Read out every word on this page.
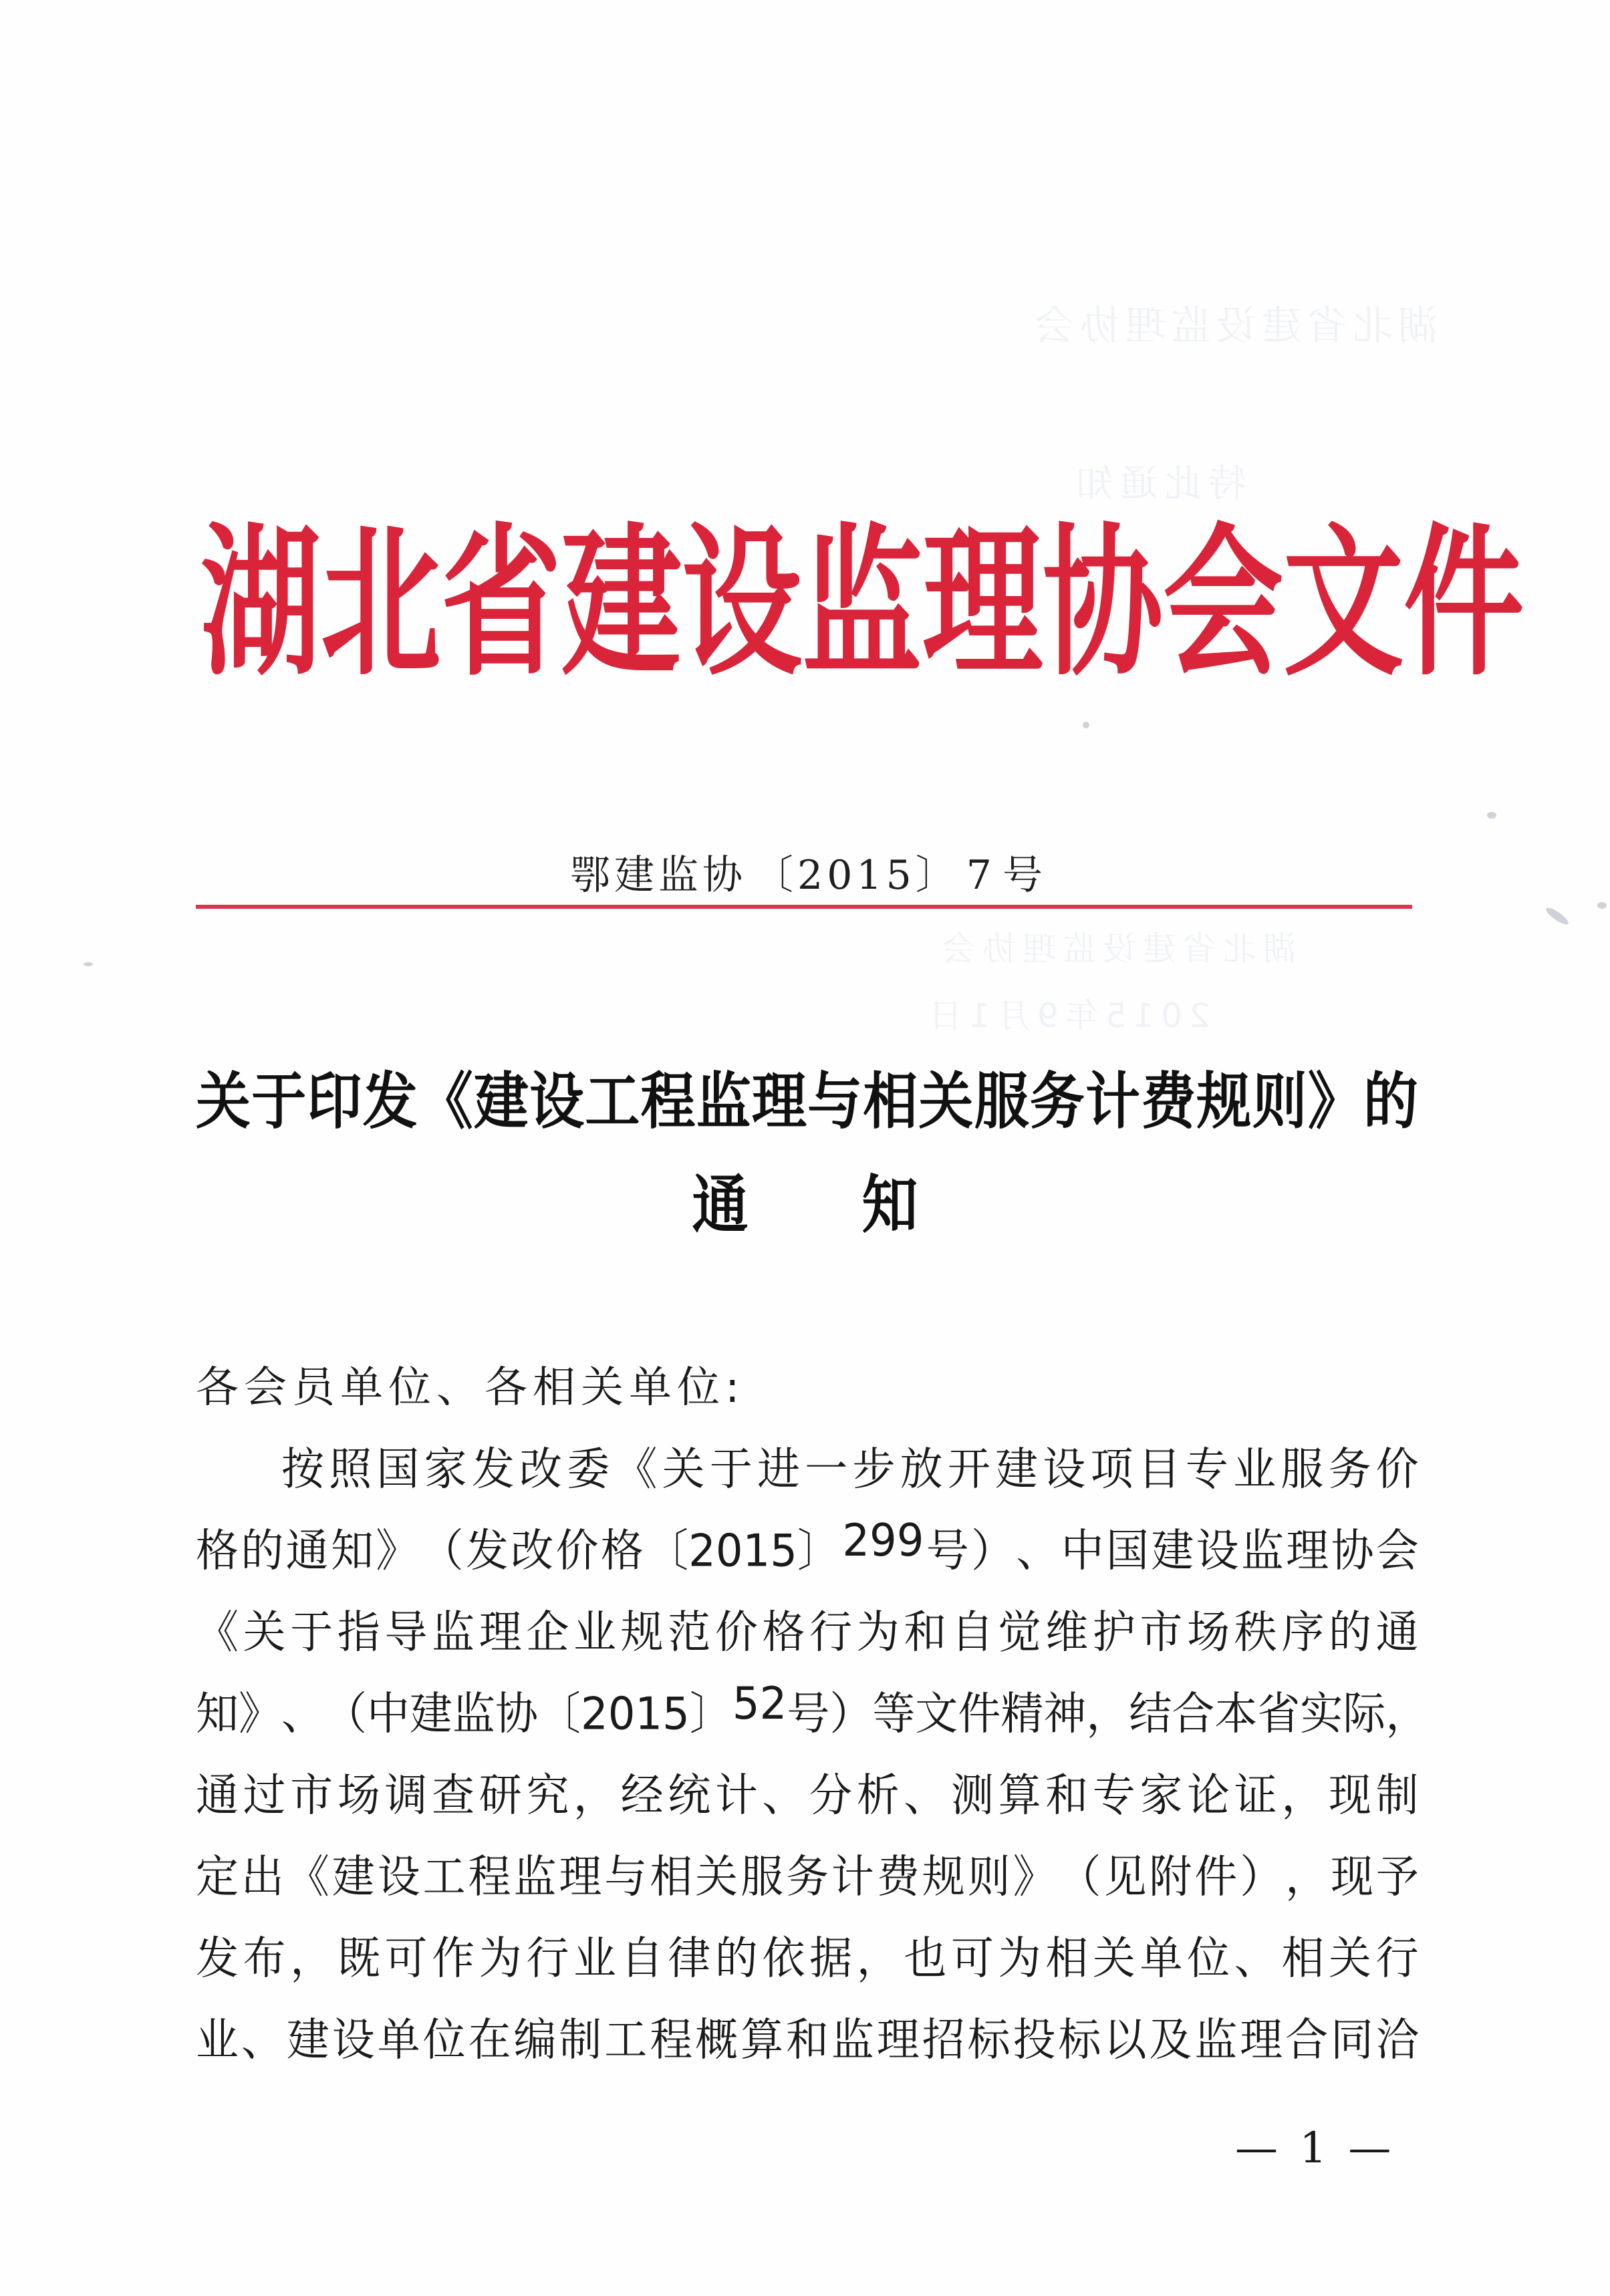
湖北省建设监理协会
特此通知
湖北省建设监理协会
2015年9月1日
湖 北 省 建 设 监 理 协 会 文 件
鄂建监协 〔2015〕 7 号
关 于 印 发 《 建 设 工 程 监 理 与 相 关 服 务 计 费 规 则 》 的
通 知
各会员单位、各相关单位:
按 照 国 家 发 改 委 《 关 于 进 一 步 放 开 建 设 项 目 专 业 服 务 价
格 的 通 知 》 （ 发 改 价 格 〔2015〕 299 号 ） 、 中 国 建 设 监 理 协 会
《 关 于 指 导 监 理 企 业 规 范 价 格 行 为 和 自 觉 维 护 市 场 秩 序 的 通
知 》 、 （ 中 建 监 协 〔2015〕 52 号 ） 等 文 件 精 神 ， 结 合 本 省 实 际 ，
通 过 市 场 调 查 研 究 ， 经 统 计 、 分 析 、 测 算 和 专 家 论 证 ， 现 制
定 出 《 建 设 工 程 监 理 与 相 关 服 务 计 费 规 则 》 （ 见 附 件 ） ， 现 予
发 布 ， 既 可 作 为 行 业 自 律 的 依 据 ， 也 可 为 相 关 单 位 、 相 关 行
业 、 建 设 单 位 在 编 制 工 程 概 算 和 监 理 招 标 投 标 以 及 监 理 合 同 洽
— 1 —
